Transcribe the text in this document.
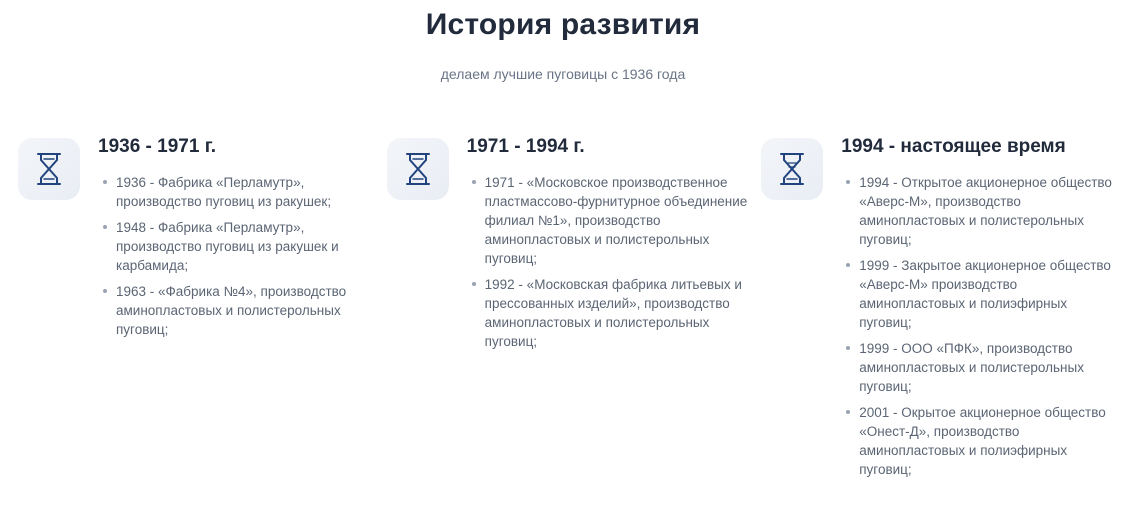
История развития

делаем лучшие пуговицы с 1936 года

1936 - 1971 г.
1936 - Фабрика «Перламутр», производство пуговиц из ракушек;
1948 - Фабрика «Перламутр», производство пуговиц из ракушек и карбамида;
1963 - «Фабрика №4», производство аминопластовых и полистерольных пуговиц;
1971 - 1994 г.
1971 - «Московское производственное пластмассово-фурнитурное объединение филиал №1», производство аминопластовых и полистерольных пуговиц;
1992 - «Московская фабрика литьевых и прессованных изделий», производство аминопластовых и полистерольных пуговиц;
1994 - настоящее время
1994 - Открытое акционерное общество «Аверс-М», производство аминопластовых и полистерольных пуговиц;
1999 - Закрытое акционерное общество «Аверс-М» производство аминопластовых и полиэфирных пуговиц;
1999 - ООО «ПФК», производство аминопластовых и полистерольных пуговиц;
2001 - Окрытое акционерное общество «Онест-Д», производство аминопластовых и полиэфирных пуговиц;
